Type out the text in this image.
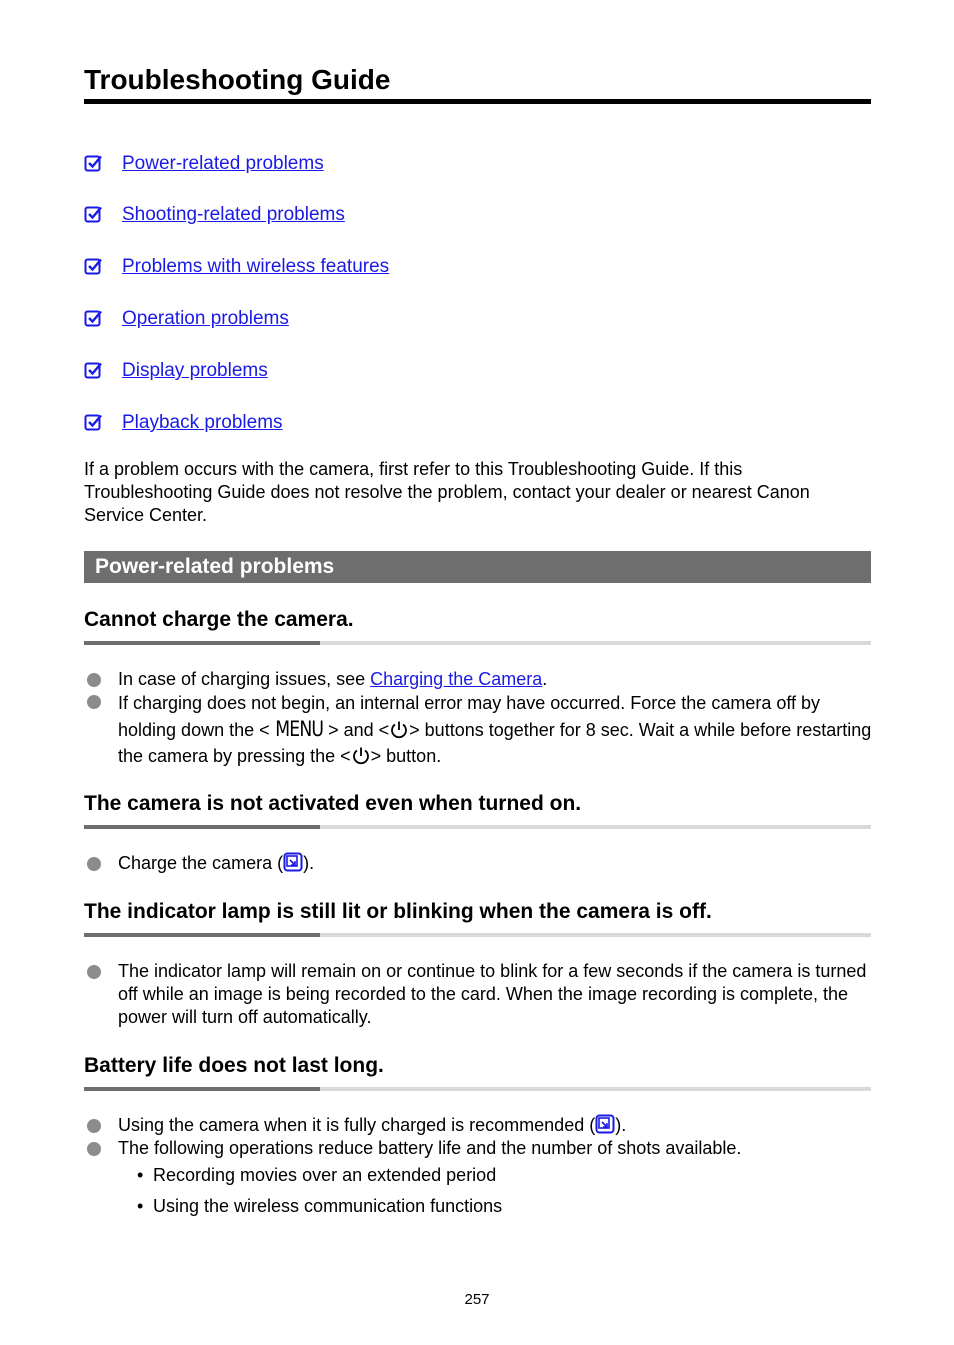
Troubleshooting Guide
Power-related problems
Shooting-related problems
Problems with wireless features
Operation problems
Display problems
Playback problems

If a problem occurs with the camera, first refer to this Troubleshooting Guide. If this Troubleshooting Guide does not resolve the problem, contact your dealer or nearest Canon Service Center.

Power-related problems
Cannot charge the camera.
In case of charging issues, see Charging the Camera.
If charging does not begin, an internal error may have occurred. Force the camera off by holding down the < MENU > and < > buttons together for 8 sec. Wait a while before restarting the camera by pressing the < > button.
The camera is not activated even when turned on.
Charge the camera ( ).
The indicator lamp is still lit or blinking when the camera is off.
The indicator lamp will remain on or continue to blink for a few seconds if the camera is turned off while an image is being recorded to the card. When the image recording is complete, the power will turn off automatically.
Battery life does not last long.
Using the camera when it is fully charged is recommended ( ).
The following operations reduce battery life and the number of shots available.
• Recording movies over an extended period
• Using the wireless communication functions
257
